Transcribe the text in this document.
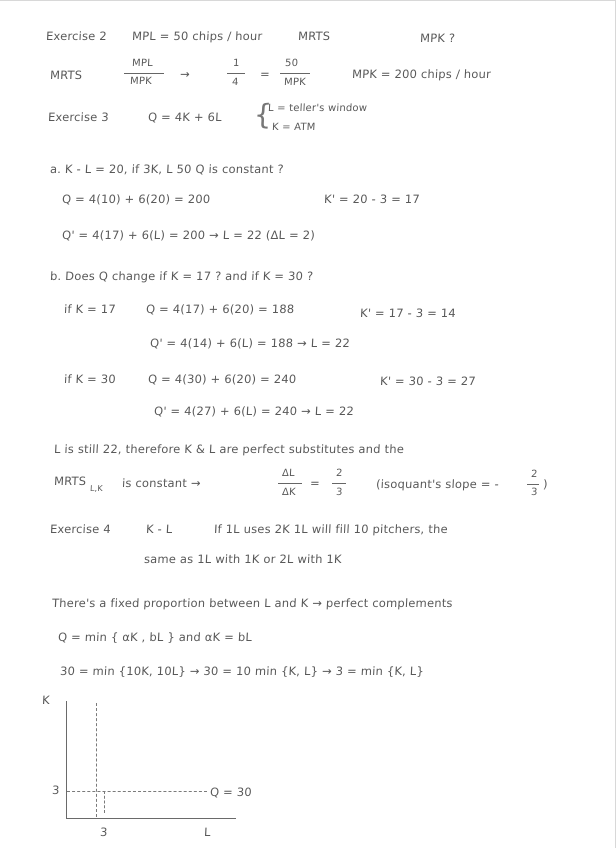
Exercise 2 MPL = 50 chips / hour	MRTS	MPK ?
MRTS
MPL
MPK
→
1
4
=
50
MPK
MPK = 200 chips / hour
Exercise 3	Q = 4K + 6L {
L = teller's window
K = ATM
a. K - L = 20, if 3K, L 50 Q is constant ?
Q = 4(10) + 6(20) = 200	K' = 20 - 3 = 17
Q' = 4(17) + 6(L) = 200 → L = 22 (ΔL = 2)
b. Does Q change if K = 17 ? and if K = 30 ?
if K = 17	Q = 4(17) + 6(20) = 188	K' = 17 - 3 = 14
Q' = 4(14) + 6(L) = 188 → L = 22
if K = 30	Q = 4(30) + 6(20) = 240	K' = 30 - 3 = 27
Q' = 4(27) + 6(L) = 240 → L = 22
L is still 22, therefore K & L are perfect substitutes and the
MRTS
L,K is constant →
ΔL
ΔK
=
2
3
(isoquant's slope = -
2
3
)
Exercise 4	K - L	If 1L uses 2K 1L will fill 10 pitchers, the
same as 1L with 1K or 2L with 1K
There's a fixed proportion between L and K → perfect complements
Q = min { αK , bL } and αK = bL
30 = min {10K, 10L} → 30 = 10 min {K, L} → 3 = min {K, L}
K
3
3
Q = 30
L
